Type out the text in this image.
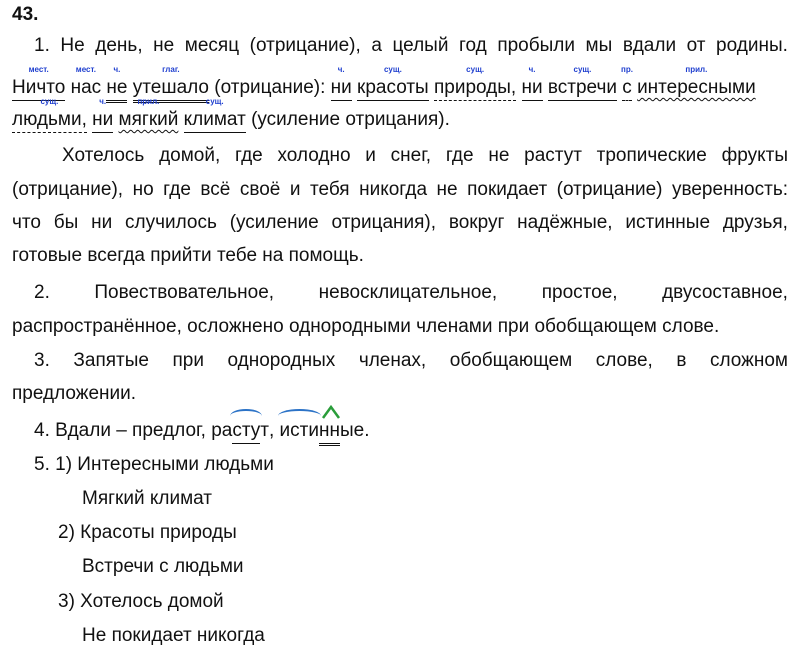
43.
1. Не день, не месяц (отрицание), а целый год пробыли мы вдали от родины.
мест.
Ничто
мест.
нас
ч.
не
глаг.
утешало (отрицание):
ч.
ни
сущ.
красоты
сущ.
природы,
ч.
ни
сущ.
встречи
пр.
с
прил.
интересными
сущ.
людьми,
ч.
ни
прил.
мягкий
сущ.
климат (усиление отрицания).
Хотелось домой, где холодно и снег, где не растут тропические фрукты
(отрицание), но где всё своё и тебя никогда не покидает (отрицание) уверенность:
что бы ни случилось (усиление отрицания), вокруг надёжные, истинные друзья,
готовые всегда прийти тебе на помощь.
2. Повествовательное, невосклицательное, простое, двусоставное,
распространённое, осложнено однородными членами при обобщающем слове.
3. Запятые при однородных членах, обобщающем слове, в сложном
предложении.
4. Вдали – предлог, ра
стут,
исти
нные.
5. 1) Интересными людьми
Мягкий климат
2) Красоты природы
Встречи с людьми
3) Хотелось домой
Не покидает никогда
